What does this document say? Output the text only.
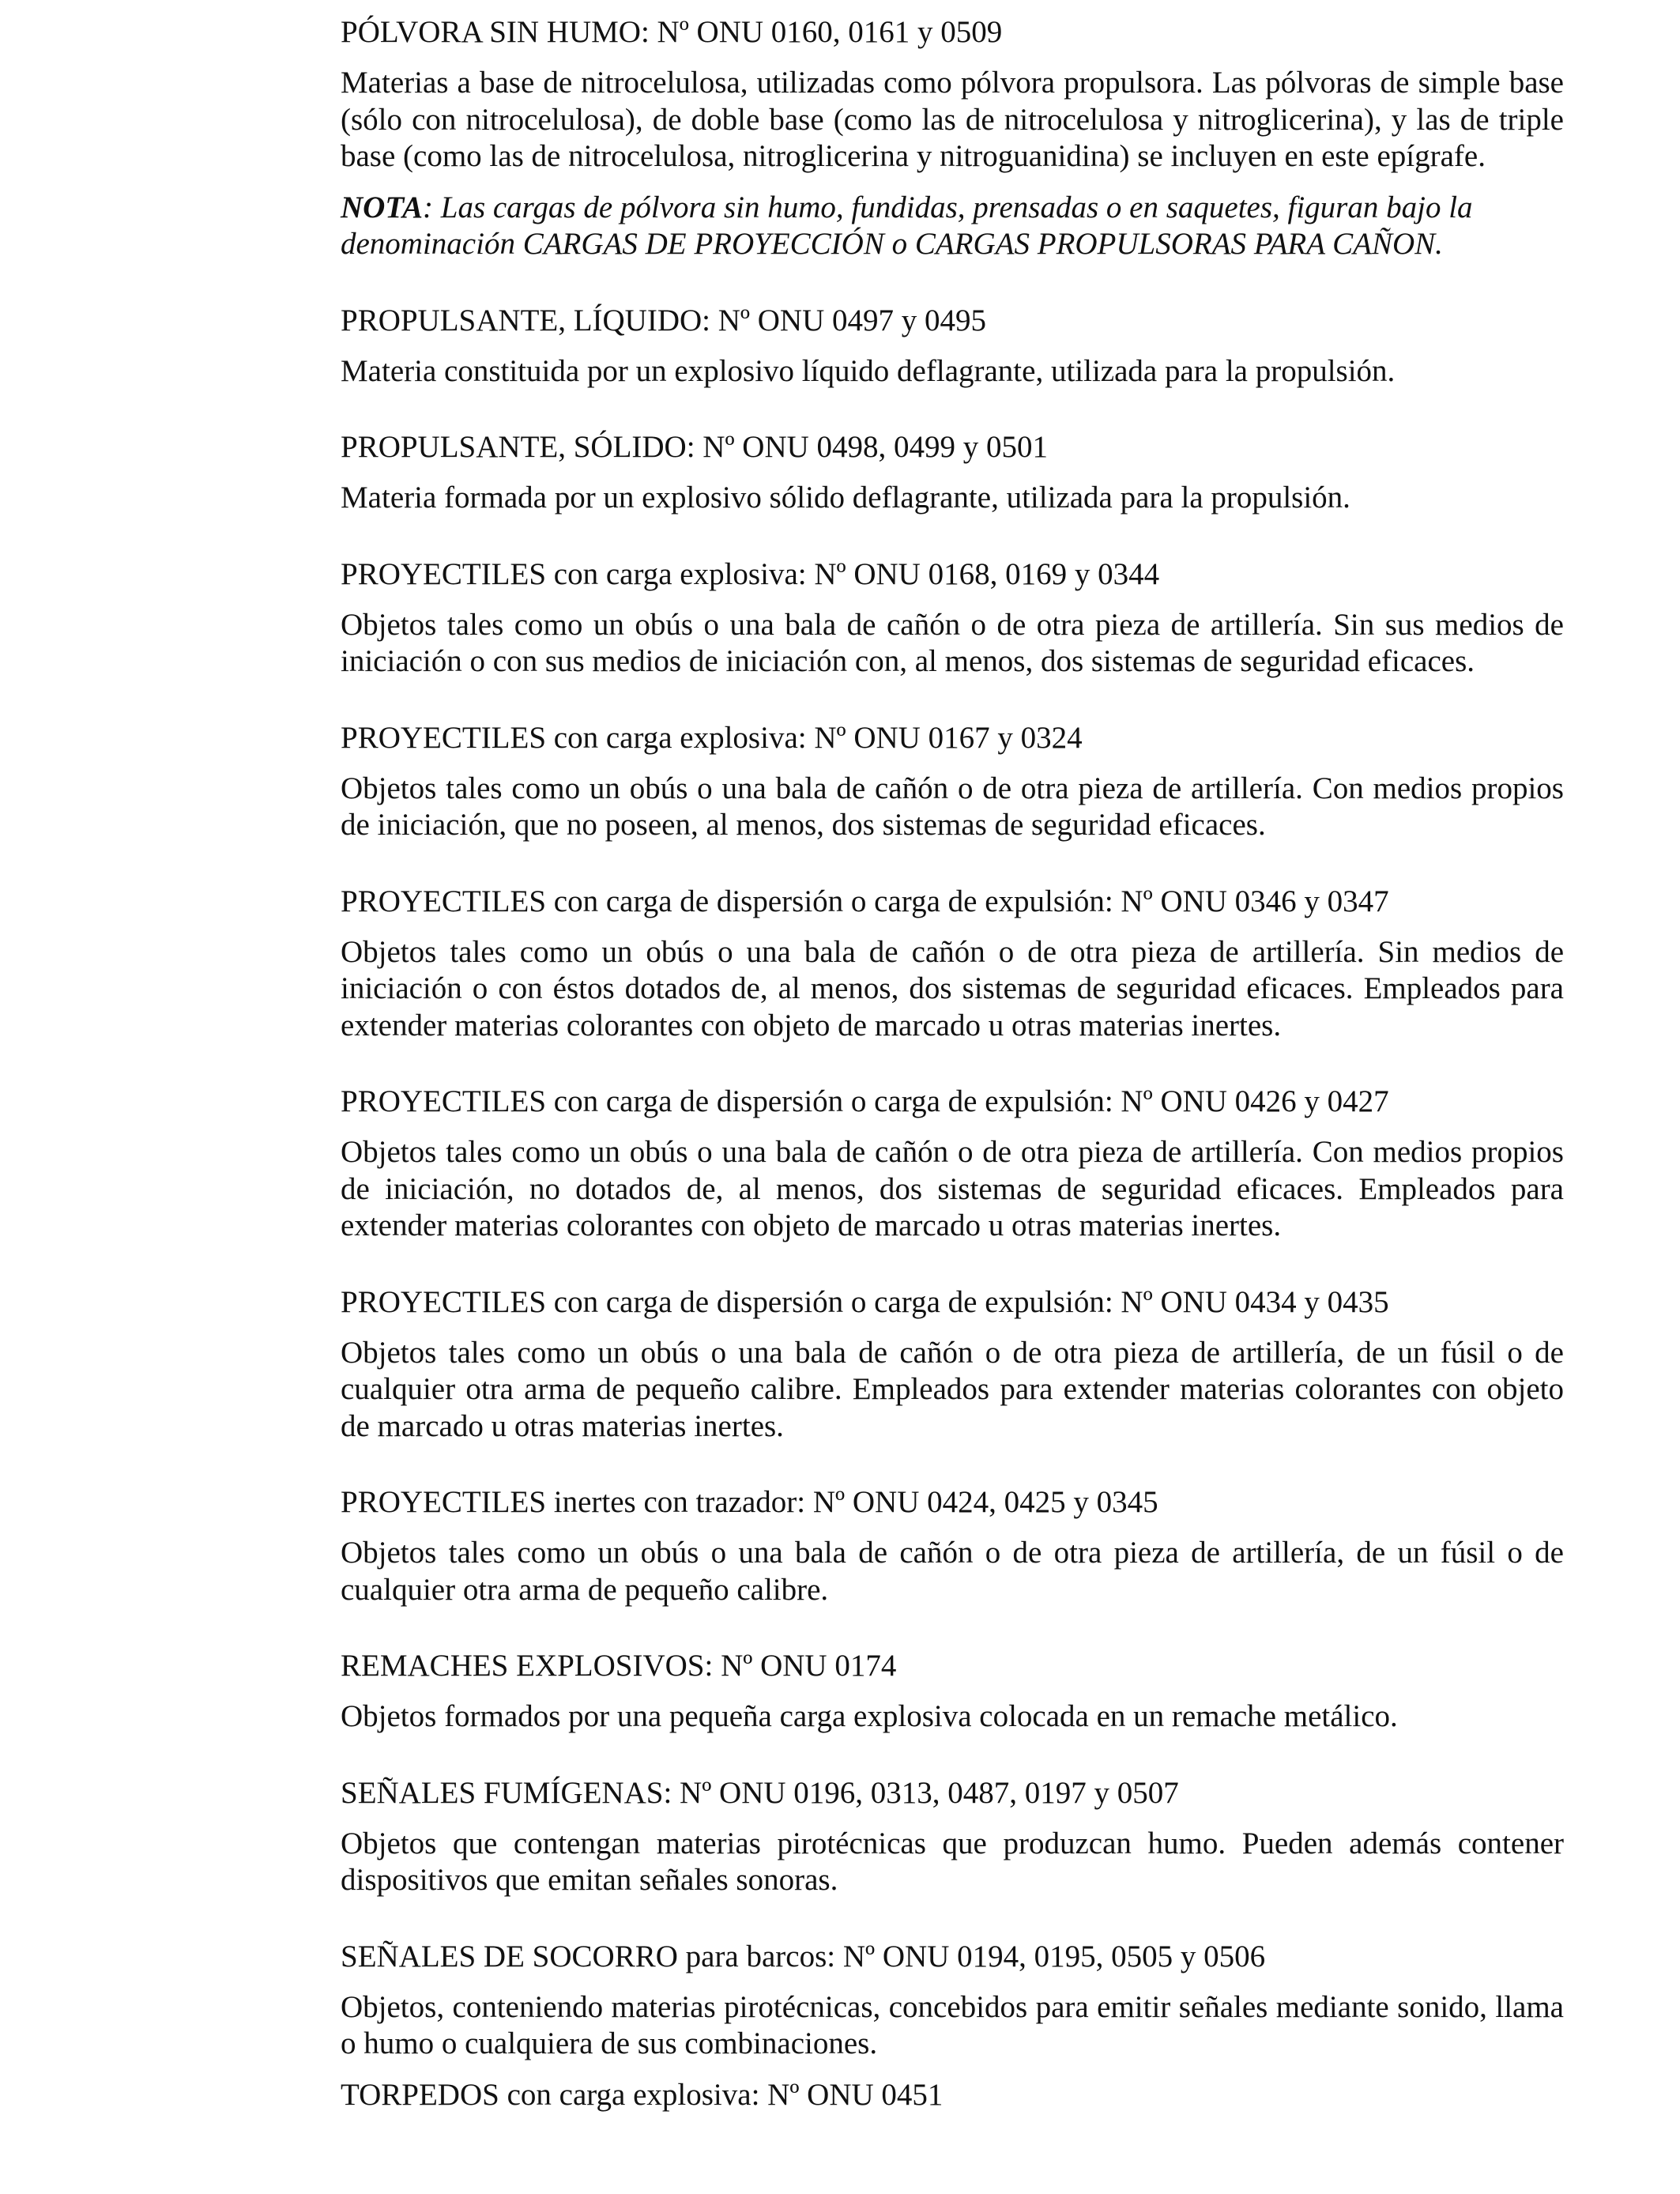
PÓLVORA SIN HUMO: Nº ONU 0160, 0161 y 0509

Materias a base de nitrocelulosa, utilizadas como pólvora propulsora. Las pólvoras de simple base (sólo con nitrocelulosa), de doble base (como las de nitrocelulosa y nitroglicerina), y las de triple base (como las de nitrocelulosa, nitroglicerina y nitroguanidina) se incluyen en este epígrafe.

NOTA: Las cargas de pólvora sin humo, fundidas, prensadas o en saquetes, figuran bajo la denominación CARGAS DE PROYECCIÓN o CARGAS PROPULSORAS PARA CAÑON.

PROPULSANTE, LÍQUIDO: Nº ONU 0497 y 0495

Materia constituida por un explosivo líquido deflagrante, utilizada para la propulsión.

PROPULSANTE, SÓLIDO: Nº ONU 0498, 0499 y 0501

Materia formada por un explosivo sólido deflagrante, utilizada para la propulsión.

PROYECTILES con carga explosiva: Nº ONU 0168, 0169 y 0344

Objetos tales como un obús o una bala de cañón o de otra pieza de artillería. Sin sus medios de iniciación o con sus medios de iniciación con, al menos, dos sistemas de seguridad eficaces.

PROYECTILES con carga explosiva: Nº ONU 0167 y 0324

Objetos tales como un obús o una bala de cañón o de otra pieza de artillería. Con medios propios de iniciación, que no poseen, al menos, dos sistemas de seguridad eficaces.

PROYECTILES con carga de dispersión o carga de expulsión: Nº ONU 0346 y 0347

Objetos tales como un obús o una bala de cañón o de otra pieza de artillería. Sin medios de iniciación o con éstos dotados de, al menos, dos sistemas de seguridad eficaces. Empleados para extender materias colorantes con objeto de marcado u otras materias inertes.

PROYECTILES con carga de dispersión o carga de expulsión: Nº ONU 0426 y 0427

Objetos tales como un obús o una bala de cañón o de otra pieza de artillería. Con medios propios de iniciación, no dotados de, al menos, dos sistemas de seguridad eficaces. Empleados para extender materias colorantes con objeto de marcado u otras materias inertes.

PROYECTILES con carga de dispersión o carga de expulsión: Nº ONU 0434 y 0435

Objetos tales como un obús o una bala de cañón o de otra pieza de artillería, de un fúsil o de cualquier otra arma de pequeño calibre. Empleados para extender materias colorantes con objeto de marcado u otras materias inertes.

PROYECTILES inertes con trazador: Nº ONU 0424, 0425 y 0345

Objetos tales como un obús o una bala de cañón o de otra pieza de artillería, de un fúsil o de cualquier otra arma de pequeño calibre.

REMACHES EXPLOSIVOS: Nº ONU 0174

Objetos formados por una pequeña carga explosiva colocada en un remache metálico.

SEÑALES FUMÍGENAS: Nº ONU 0196, 0313, 0487, 0197 y 0507

Objetos que contengan materias pirotécnicas que produzcan humo. Pueden además contener dispositivos que emitan señales sonoras.

SEÑALES DE SOCORRO para barcos: Nº ONU 0194, 0195, 0505 y 0506

Objetos, conteniendo materias pirotécnicas, concebidos para emitir señales mediante sonido, llama o humo o cualquiera de sus combinaciones.

TORPEDOS con carga explosiva: Nº ONU 0451
